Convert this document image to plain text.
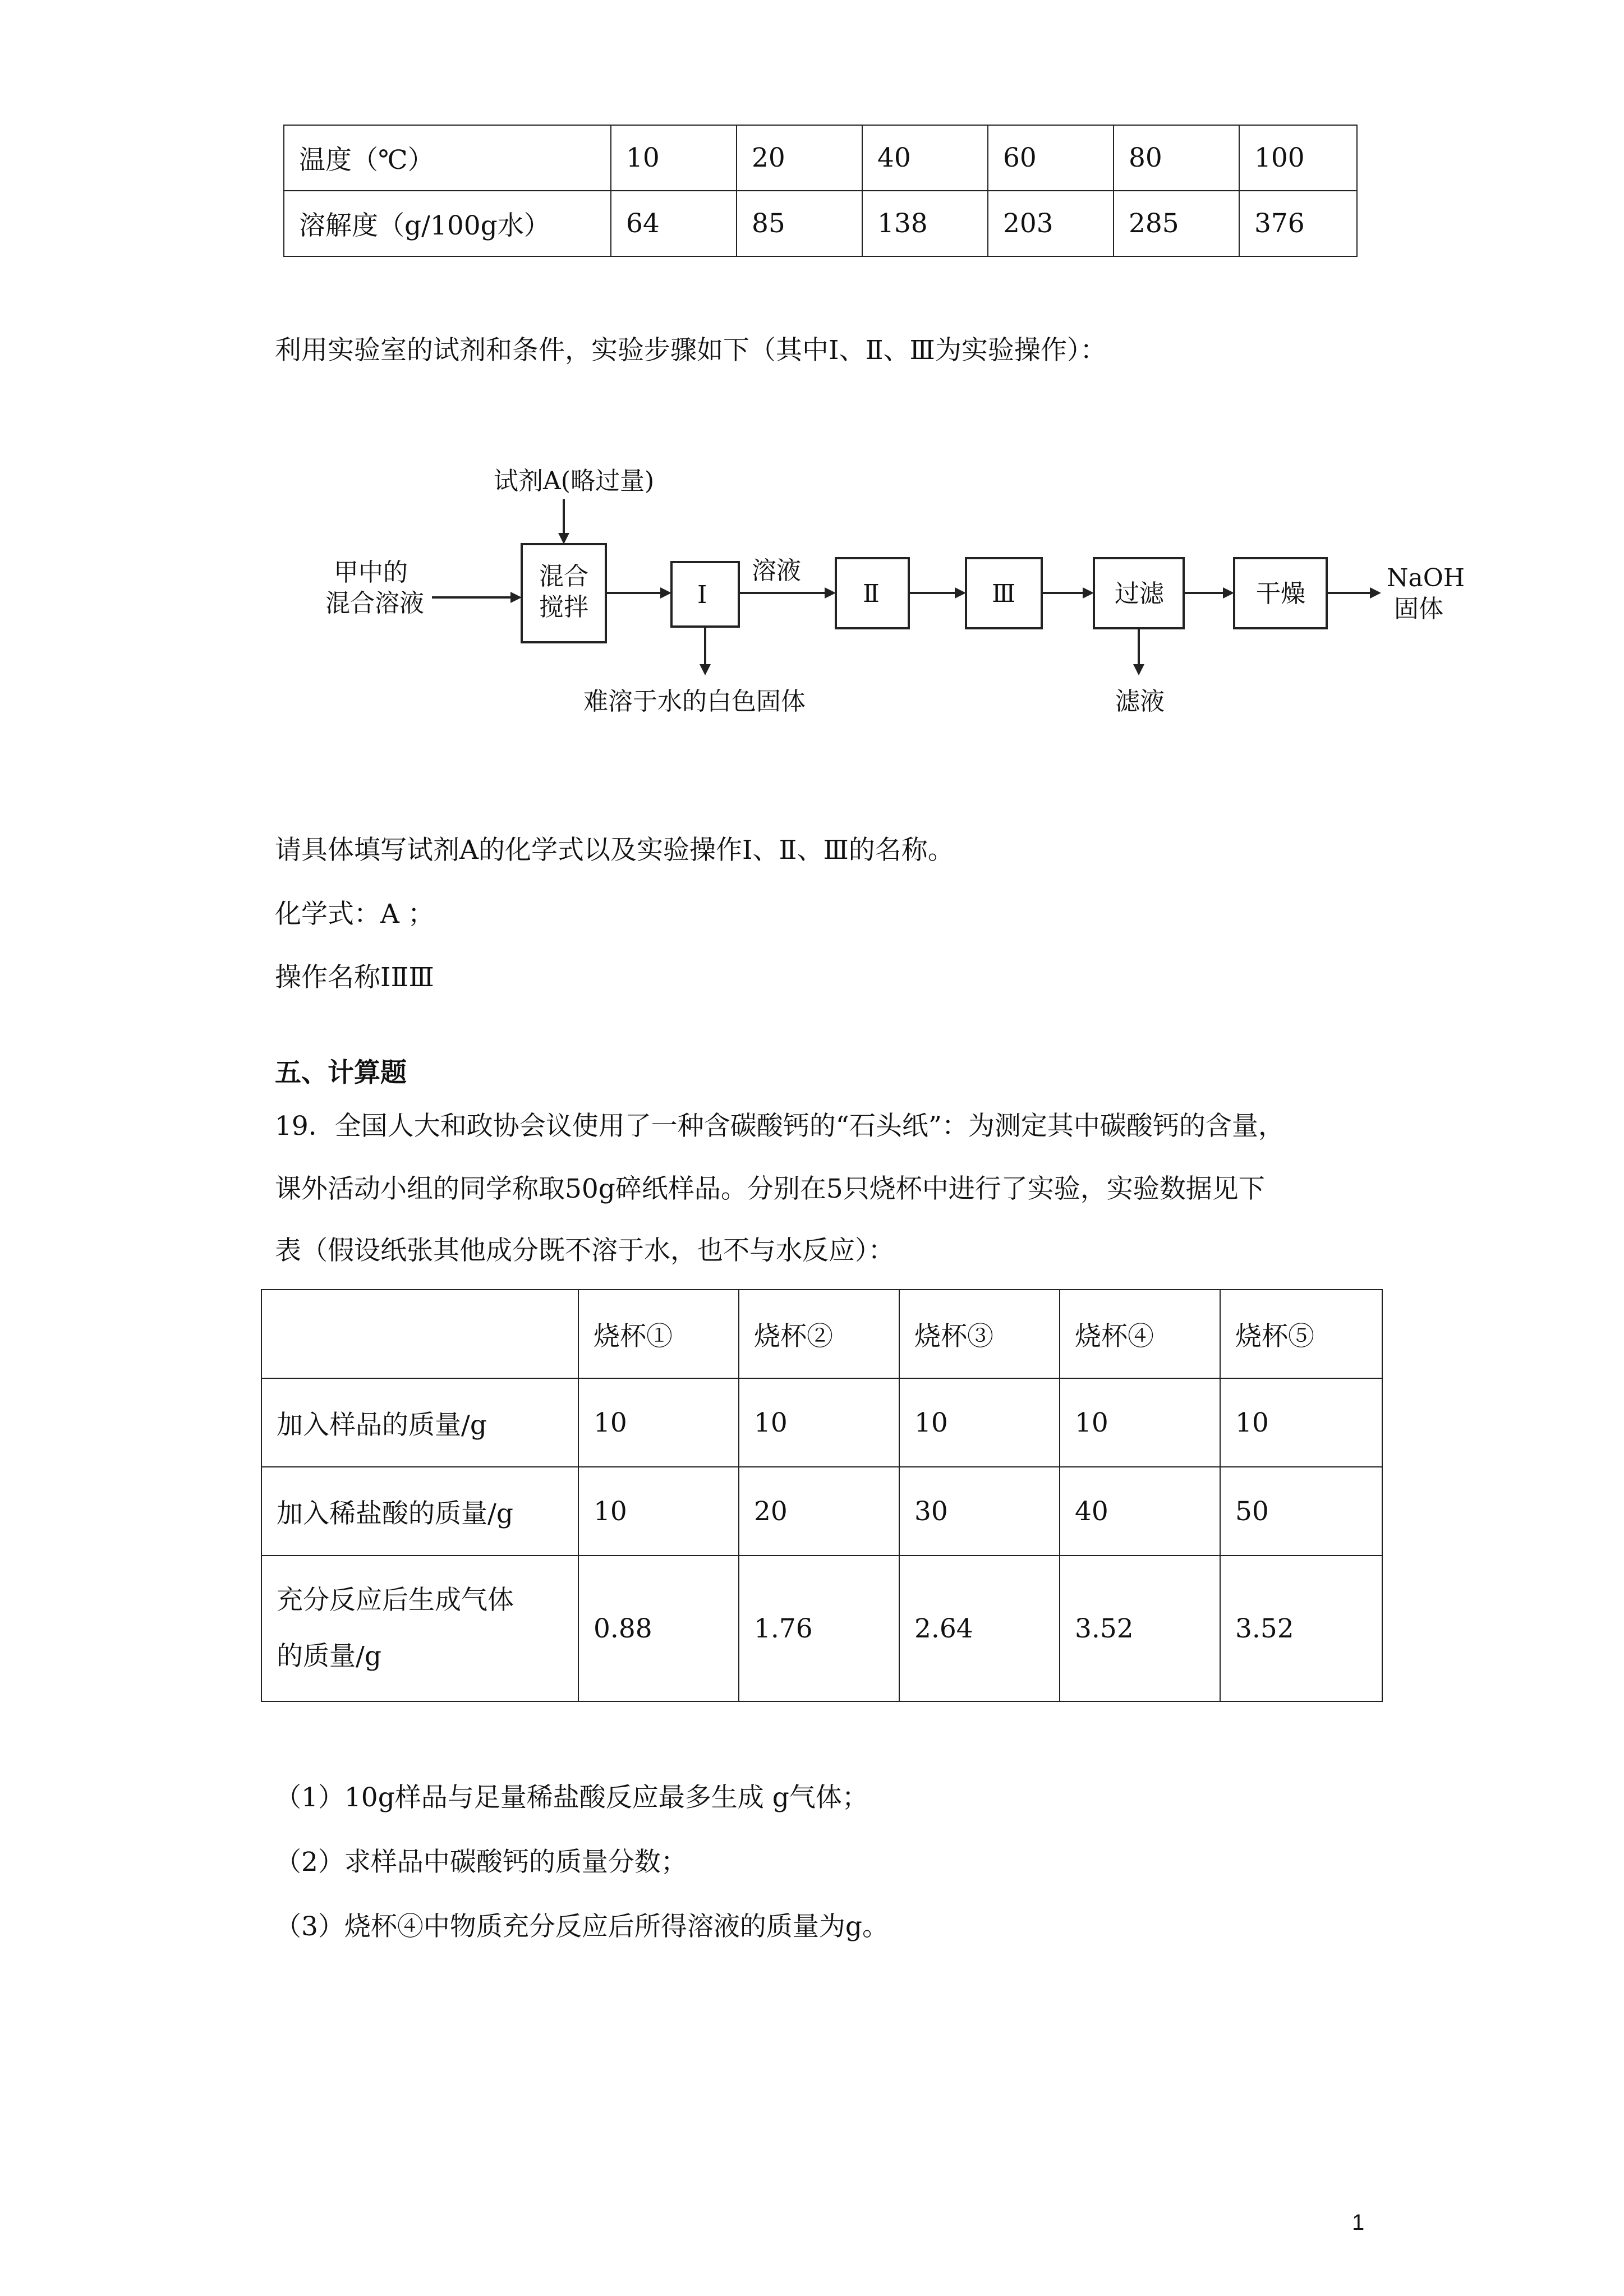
温度（℃）	10	20	40	60	80	100
溶解度（g/100g水）	64	85	138	203	285	376
利用实验室的试剂和条件，实验步骤如下（其中Ⅰ、Ⅱ、Ⅲ为实验操作）：
试剂A(略过量)
甲中的
混合溶液
混合
搅拌	Ⅰ
难溶于水的白色固体
溶液
Ⅱ	Ⅲ	过滤
滤液
干燥
NaOH
固体
请具体填写试剂A的化学式以及实验操作Ⅰ、Ⅱ、Ⅲ的名称。
化学式：A ；
操作名称ⅠⅡⅢ
五、计算题
19．全国人大和政协会议使用了一种含碳酸钙的“石头纸”：为测定其中碳酸钙的含量，
课外活动小组的同学称取50g碎纸样品。分别在5只烧杯中进行了实验，实验数据见下
表（假设纸张其他成分既不溶于水，也不与水反应）：
	烧杯①	烧杯②	烧杯③	烧杯④	烧杯⑤
加入样品的质量/g	10	10	10	10	10
加入稀盐酸的质量/g	10	20	30	40	50
充分反应后生成气体
的质量/g	0.88	1.76	2.64	3.52	3.52
（1）10g样品与足量稀盐酸反应最多生成 g气体；
（2）求样品中碳酸钙的质量分数；
（3）烧杯④中物质充分反应后所得溶液的质量为g。
1
